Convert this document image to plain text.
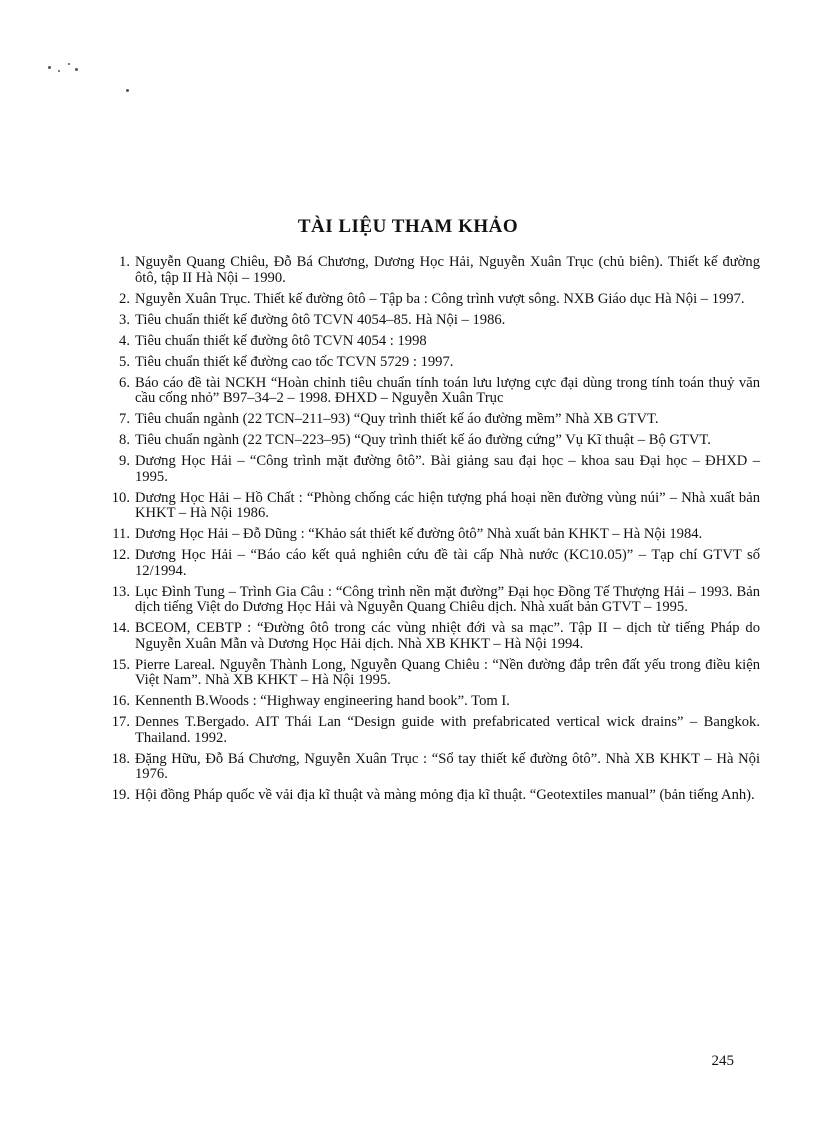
TÀI LIỆU THAM KHẢO
1. Nguyễn Quang Chiêu, Đỗ Bá Chương, Dương Học Hải, Nguyễn Xuân Trục (chủ biên). Thiết kế đường ôtô, tập II Hà Nội – 1990.
2. Nguyễn Xuân Trục. Thiết kế đường ôtô – Tập ba : Công trình vượt sông. NXB Giáo dục Hà Nội – 1997.
3. Tiêu chuẩn thiết kế đường ôtô TCVN 4054–85. Hà Nội – 1986.
4. Tiêu chuẩn thiết kế đường ôtô TCVN 4054 : 1998
5. Tiêu chuẩn thiết kế đường cao tốc TCVN 5729 : 1997.
6. Báo cáo đề tài NCKH “Hoàn chỉnh tiêu chuẩn tính toán lưu lượng cực đại dùng trong tính toán thuỷ văn cầu cống nhỏ” B97–34–2 – 1998. ĐHXD – Nguyễn Xuân Trục
7. Tiêu chuẩn ngành (22 TCN–211–93) “Quy trình thiết kế áo đường mềm” Nhà XB GTVT.
8. Tiêu chuẩn ngành (22 TCN–223–95) “Quy trình thiết kế áo đường cứng” Vụ Kĩ thuật – Bộ GTVT.
9. Dương Học Hải – “Công trình mặt đường ôtô”. Bài giảng sau đại học – khoa sau Đại học – ĐHXD – 1995.
10. Dương Học Hải – Hồ Chất : “Phòng chống các hiện tượng phá hoại nền đường vùng núi” – Nhà xuất bản KHKT – Hà Nội 1986.
11. Dương Học Hải – Đỗ Dũng : “Khảo sát thiết kế đường ôtô” Nhà xuất bản KHKT – Hà Nội 1984.
12. Dương Học Hải – “Báo cáo kết quả nghiên cứu đề tài cấp Nhà nước (KC10.05)” – Tạp chí GTVT số 12/1994.
13. Lục Đình Tung – Trình Gia Câu : “Công trình nền mặt đường” Đại học Đồng Tế Thượng Hải – 1993. Bản dịch tiếng Việt do Dương Học Hải và Nguyễn Quang Chiêu dịch. Nhà xuất bản GTVT – 1995.
14. BCEOM, CEBTP : “Đường ôtô trong các vùng nhiệt đới và sa mạc”. Tập II – dịch từ tiếng Pháp do Nguyễn Xuân Mẫn và Dương Học Hải dịch. Nhà XB KHKT – Hà Nội 1994.
15. Pierre Lareal. Nguyễn Thành Long, Nguyễn Quang Chiêu : “Nền đường đắp trên đất yếu trong điều kiện Việt Nam”. Nhà XB KHKT – Hà Nội 1995.
16. Kennenth B.Woods : “Highway engineering hand book”. Tom I.
17. Dennes T.Bergado. AIT Thái Lan “Design guide with prefabricated vertical wick drains” – Bangkok. Thailand. 1992.
18. Đặng Hữu, Đỗ Bá Chương, Nguyễn Xuân Trục : “Sổ tay thiết kế đường ôtô”. Nhà XB KHKT – Hà Nội 1976.
19. Hội đồng Pháp quốc về vải địa kĩ thuật và màng mỏng địa kĩ thuật. “Geotextiles manual” (bản tiếng Anh).
245
